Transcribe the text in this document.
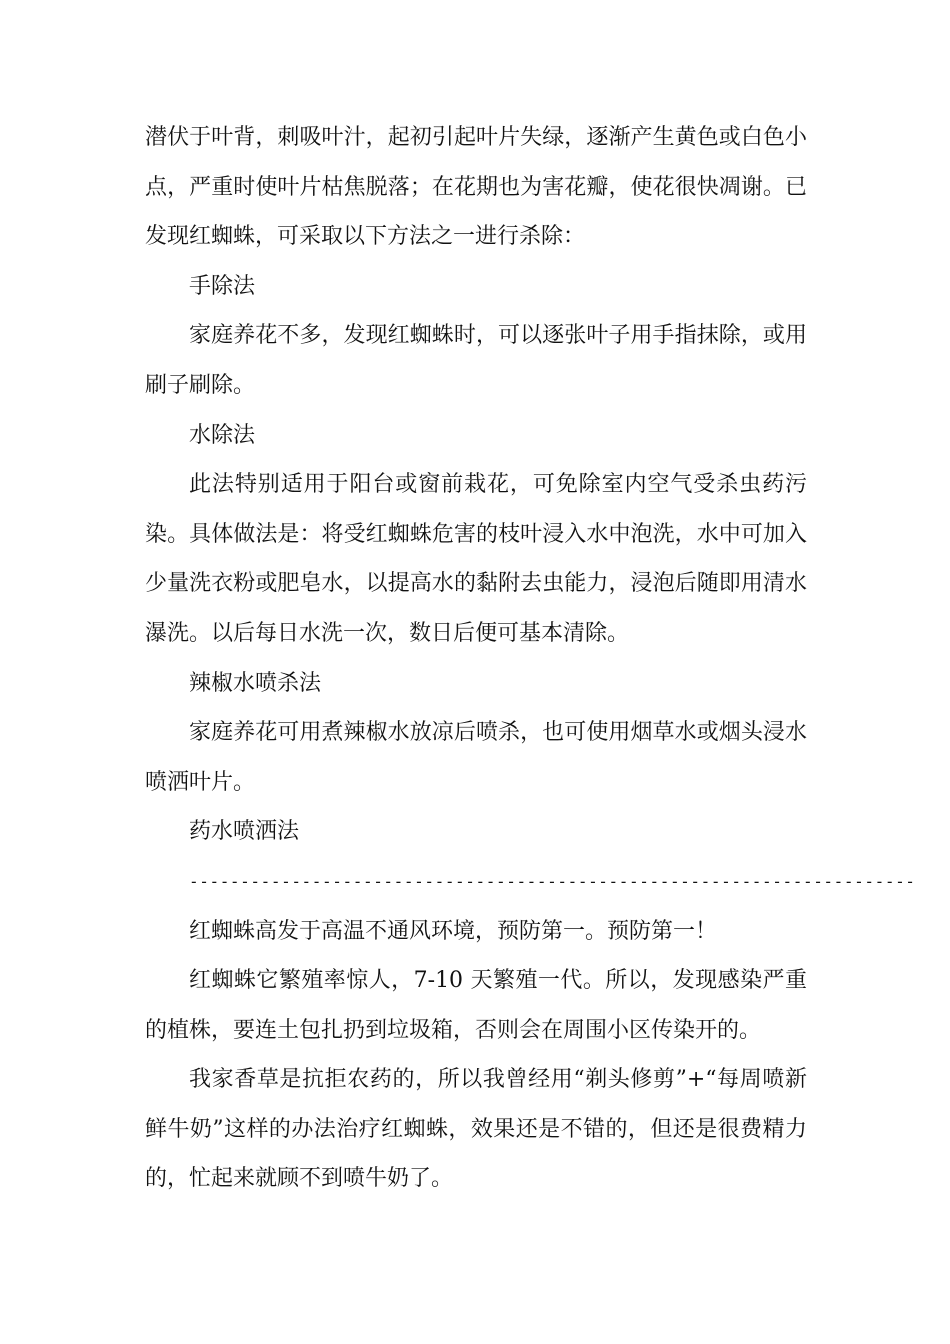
潜伏于叶背，刺吸叶汁，起初引起叶片失绿，逐渐产生黄色或白色小点，严重时使叶片枯焦脱落；在花期也为害花瓣，使花很快凋谢。已发现红蜘蛛，可采取以下方法之一进行杀除：

手除法

家庭养花不多，发现红蜘蛛时，可以逐张叶子用手指抹除，或用刷子刷除。

水除法

此法特别适用于阳台或窗前栽花，可免除室内空气受杀虫药污染。具体做法是：将受红蜘蛛危害的枝叶浸入水中泡洗，水中可加入少量洗衣粉或肥皂水，以提高水的黏附去虫能力，浸泡后随即用清水瀑洗。以后每日水洗一次，数日后便可基本清除。

辣椒水喷杀法

家庭养花可用煮辣椒水放凉后喷杀，也可使用烟草水或烟头浸水喷洒叶片。

药水喷洒法

-----------------------------------------------------------------------

红蜘蛛高发于高温不通风环境，预防第一。预防第一！

红蜘蛛它繁殖率惊人，7-10 天繁殖一代。所以，发现感染严重的植株，要连土包扎扔到垃圾箱，否则会在周围小区传染开的。

我家香草是抗拒农药的，所以我曾经用“剃头修剪”+“每周喷新鲜牛奶”这样的办法治疗红蜘蛛，效果还是不错的，但还是很费精力的，忙起来就顾不到喷牛奶了。
